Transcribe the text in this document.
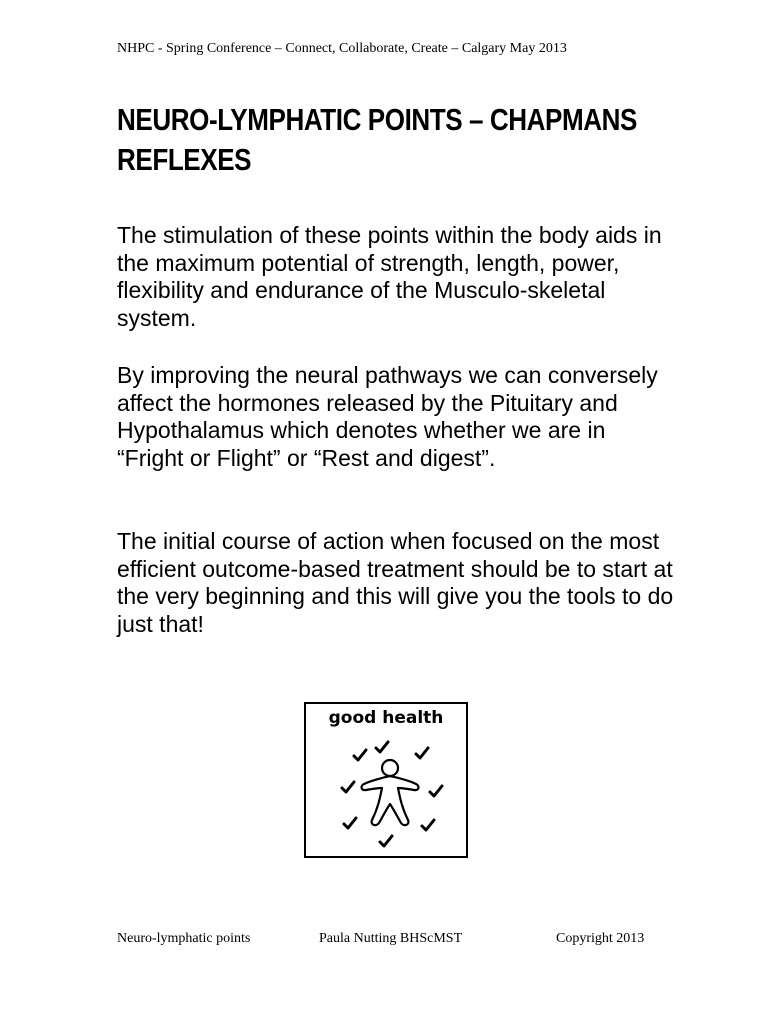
NHPC - Spring Conference – Connect, Collaborate, Create – Calgary May 2013
NEURO-LYMPHATIC POINTS – CHAPMANS REFLEXES

The stimulation of these points within the body aids in the maximum potential of strength, length, power, flexibility and endurance of the Musculo-skeletal system.

By improving the neural pathways we can conversely affect the hormones released by the Pituitary and Hypothalamus which denotes whether we are in “Fright or Flight” or “Rest and digest”.

The initial course of action when focused on the most efficient outcome-based treatment should be to start at the very beginning and this will give you the tools to do just that!

good health
Neuro-lymphatic points	Paula Nutting BHScMST	Copyright 2013
